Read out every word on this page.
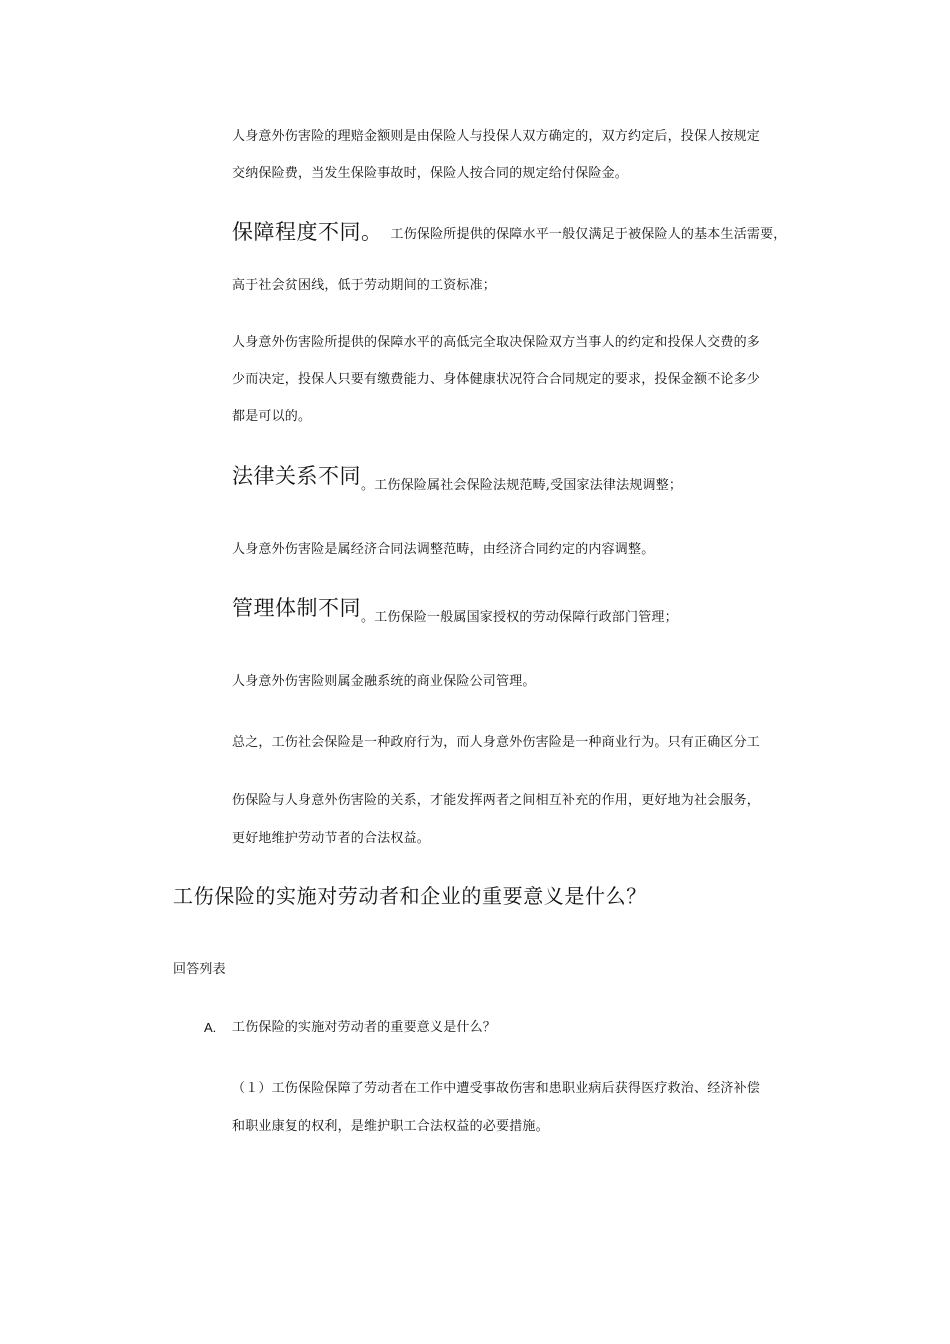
人身意外伤害险的理赔金额则是由保险人与投保人双方确定的，双方约定后，投保人按规定
交纳保险费，当发生保险事故时，保险人按合同的规定给付保险金。
保障程度不同。 工伤保险所提供的保障水平一般仅满足于被保险人的基本生活需要，
高于社会贫困线，低于劳动期间的工资标准；
人身意外伤害险所提供的保障水平的高低完全取决保险双方当事人的约定和投保人交费的多
少而决定，投保人只要有缴费能力、身体健康状况符合合同规定的要求，投保金额不论多少
都是可以的。
法律关系不同$_{。工伤保险属社会保险法规范畴,受国家法律法规调整;}$
人身意外伤害险是属经济合同法调整范畴，由经济合同约定的内容调整。
管理体制不同$_{。工伤保险一般属国家授权的劳动保障行政部门管理;}$
人身意外伤害险则属金融系统的商业保险公司管理。
总之，工伤社会保险是一种政府行为，而人身意外伤害险是一种商业行为。只有正确区分工
伤保险与人身意外伤害险的关系，才能发挥两者之间相互补充的作用，更好地为社会服务，
更好地维护劳动节者的合法权益。
工伤保险的实施对劳动者和企业的重要意义是什么？
回答列表
A. 工伤保险的实施对劳动者的重要意义是什么？
（１）工伤保险保障了劳动者在工作中遭受事故伤害和患职业病后获得医疗救治、经济补偿
和职业康复的权利，是维护职工合法权益的必要措施。
